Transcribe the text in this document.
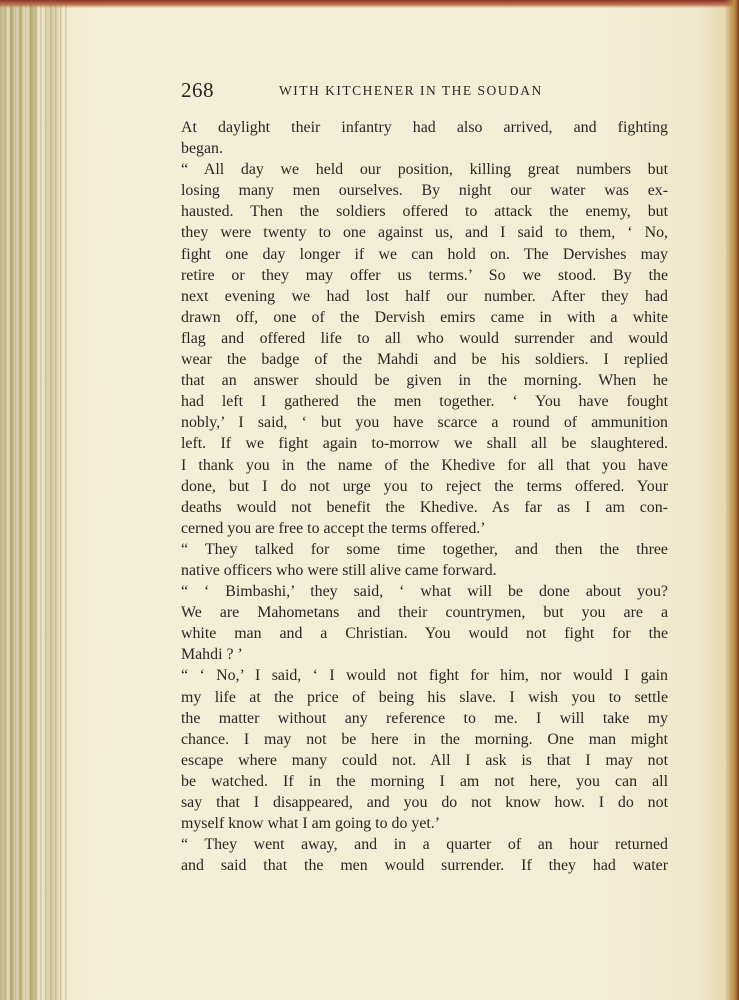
268	WITH KITCHENER IN THE SOUDAN
At daylight their infantry had also arrived, and fighting
began.
“ All day we held our position, killing great numbers but
losing many men ourselves. By night our water was ex-
hausted. Then the soldiers offered to attack the enemy, but
they were twenty to one against us, and I said to them, ‘ No,
fight one day longer if we can hold on. The Dervishes may
retire or they may offer us terms.’ So we stood. By the
next evening we had lost half our number. After they had
drawn off, one of the Dervish emirs came in with a white
flag and offered life to all who would surrender and would
wear the badge of the Mahdi and be his soldiers. I replied
that an answer should be given in the morning. When he
had left I gathered the men together. ‘ You have fought
nobly,’ I said, ‘ but you have scarce a round of ammunition
left. If we fight again to-morrow we shall all be slaughtered.
I thank you in the name of the Khedive for all that you have
done, but I do not urge you to reject the terms offered. Your
deaths would not benefit the Khedive. As far as I am con-
cerned you are free to accept the terms offered.’
“ They talked for some time together, and then the three
native officers who were still alive came forward.
“ ‘ Bimbashi,’ they said, ‘ what will be done about you?
We are Mahometans and their countrymen, but you are a
white man and a Christian. You would not fight for the
Mahdi ? ’
“ ‘ No,’ I said, ‘ I would not fight for him, nor would I gain
my life at the price of being his slave. I wish you to settle
the matter without any reference to me. I will take my
chance. I may not be here in the morning. One man might
escape where many could not. All I ask is that I may not
be watched. If in the morning I am not here, you can all
say that I disappeared, and you do not know how. I do not
myself know what I am going to do yet.’
“ They went away, and in a quarter of an hour returned
and said that the men would surrender. If they had water
